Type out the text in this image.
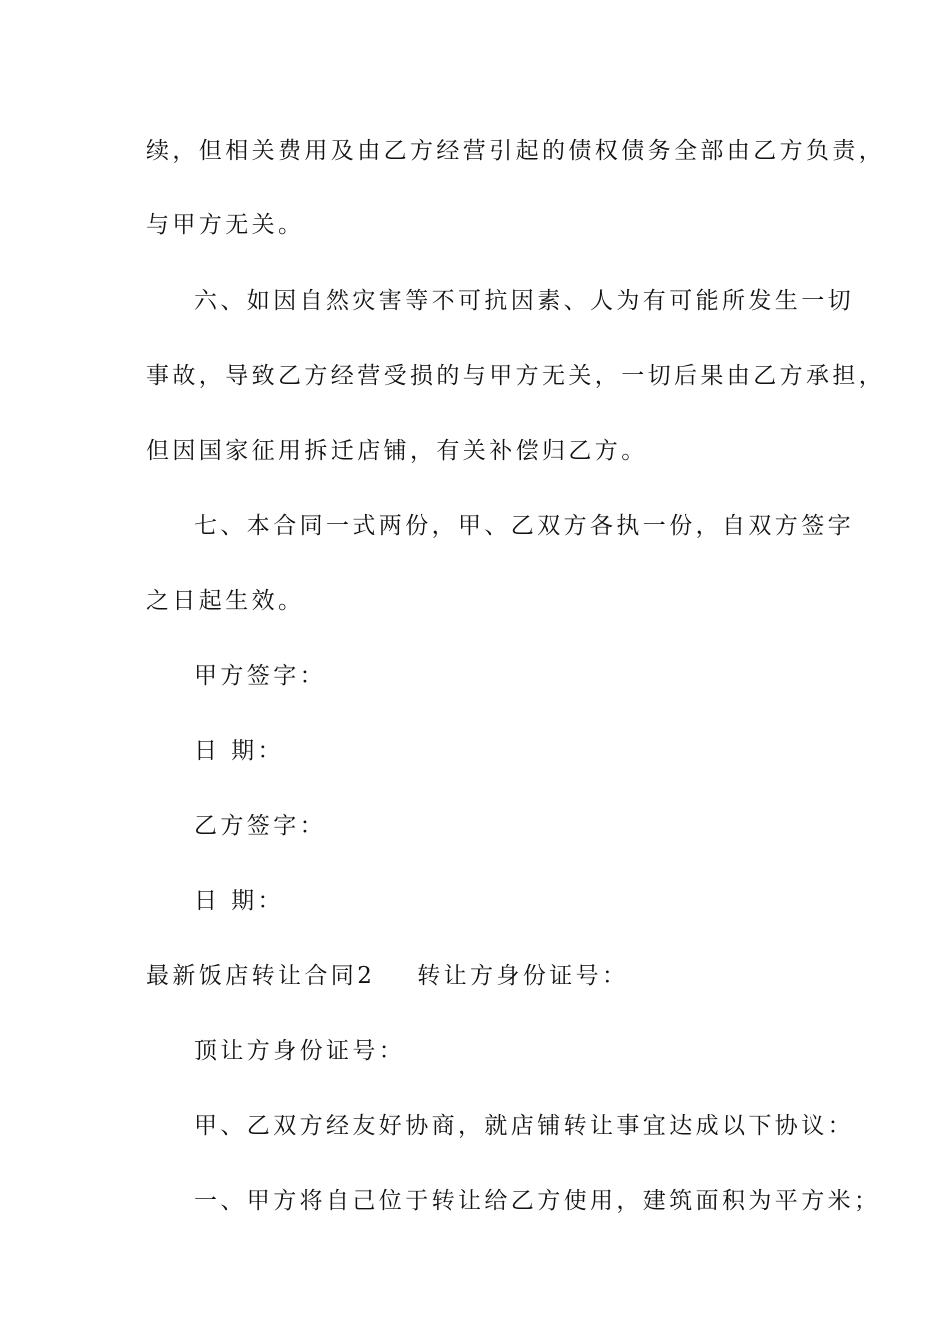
续，但相关费用及由乙方经营引起的债权债务全部由乙方负责，
与甲方无关。
六、如因自然灾害等不可抗因素、人为有可能所发生一切
事故，导致乙方经营受损的与甲方无关，一切后果由乙方承担，
但因国家征用拆迁店铺，有关补偿归乙方。
七、本合同一式两份，甲、乙双方各执一份，自双方签字
之日起生效。
甲方签字：
日 期：
乙方签字：
日 期：
最新饭店转让合同2 转让方身份证号：
顶让方身份证号：
甲、乙双方经友好协商，就店铺转让事宜达成以下协议：
一、甲方将自己位于转让给乙方使用，建筑面积为平方米；
